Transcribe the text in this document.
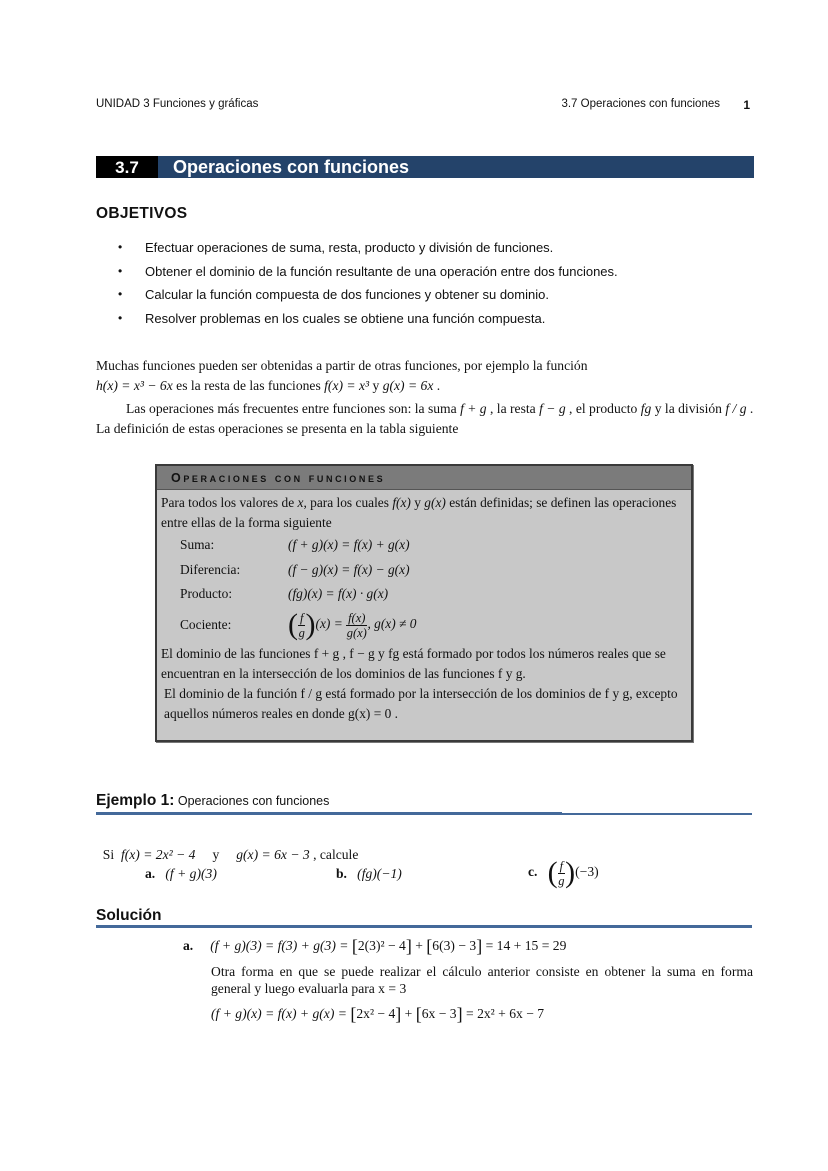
UNIDAD 3 Funciones y gráficas	3.7 Operaciones con funciones 1
3.7	Operaciones con funciones
OBJETIVOS
• Efectuar operaciones de suma, resta, producto y división de funciones.
• Obtener el dominio de la función resultante de una operación entre dos funciones.
• Calcular la función compuesta de dos funciones y obtener su dominio.
• Resolver problemas en los cuales se obtiene una función compuesta.
Muchas funciones pueden ser obtenidas a partir de otras funciones, por ejemplo la función
h(x) = x³ − 6x es la resta de las funciones f(x) = x³ y g(x) = 6x .
Las operaciones más frecuentes entre funciones son: la suma f + g , la resta f − g , el producto fg y la división f / g . La definición de estas operaciones se presenta en la tabla siguiente
Operaciones con funciones
Para todos los valores de x, para los cuales f(x) y g(x) están definidas; se definen las operaciones entre ellas de la forma siguiente
Suma:	(f + g)(x) = f(x) + g(x)
Diferencia:	(f − g)(x) = f(x) − g(x)
Producto:	(fg)(x) = f(x) · g(x)
Cociente:	( $\frac{f}{g} )(x) = \frac{f(x)}{g(x)}$ , g(x) ≠ 0
El dominio de las funciones f + g , f − g y fg está formado por todos los números reales que se encuentran en la intersección de los dominios de las funciones f y g.
El dominio de la función f / g está formado por la intersección de los dominios de f y g, excepto aquellos números reales en donde g(x) = 0 .
Ejemplo 1: Operaciones con funciones

Si  f(x) = 2x² − 4     y     g(x) = 6x − 3 , calcule

a. (f + g)(3)	b. (fg)(−1)	c. ( $\frac{f}{g} )(-3)$
Solución
a. (f + g)(3) = f(3) + g(3) = [2(3)² − 4] + [6(3) − 3] = 14 + 15 = 29
Otra forma en que se puede realizar el cálculo anterior consiste en obtener la suma en forma general y luego evaluarla para x = 3
(f + g)(x) = f(x) + g(x) = [2x² − 4] + [6x − 3] = 2x² + 6x − 7
